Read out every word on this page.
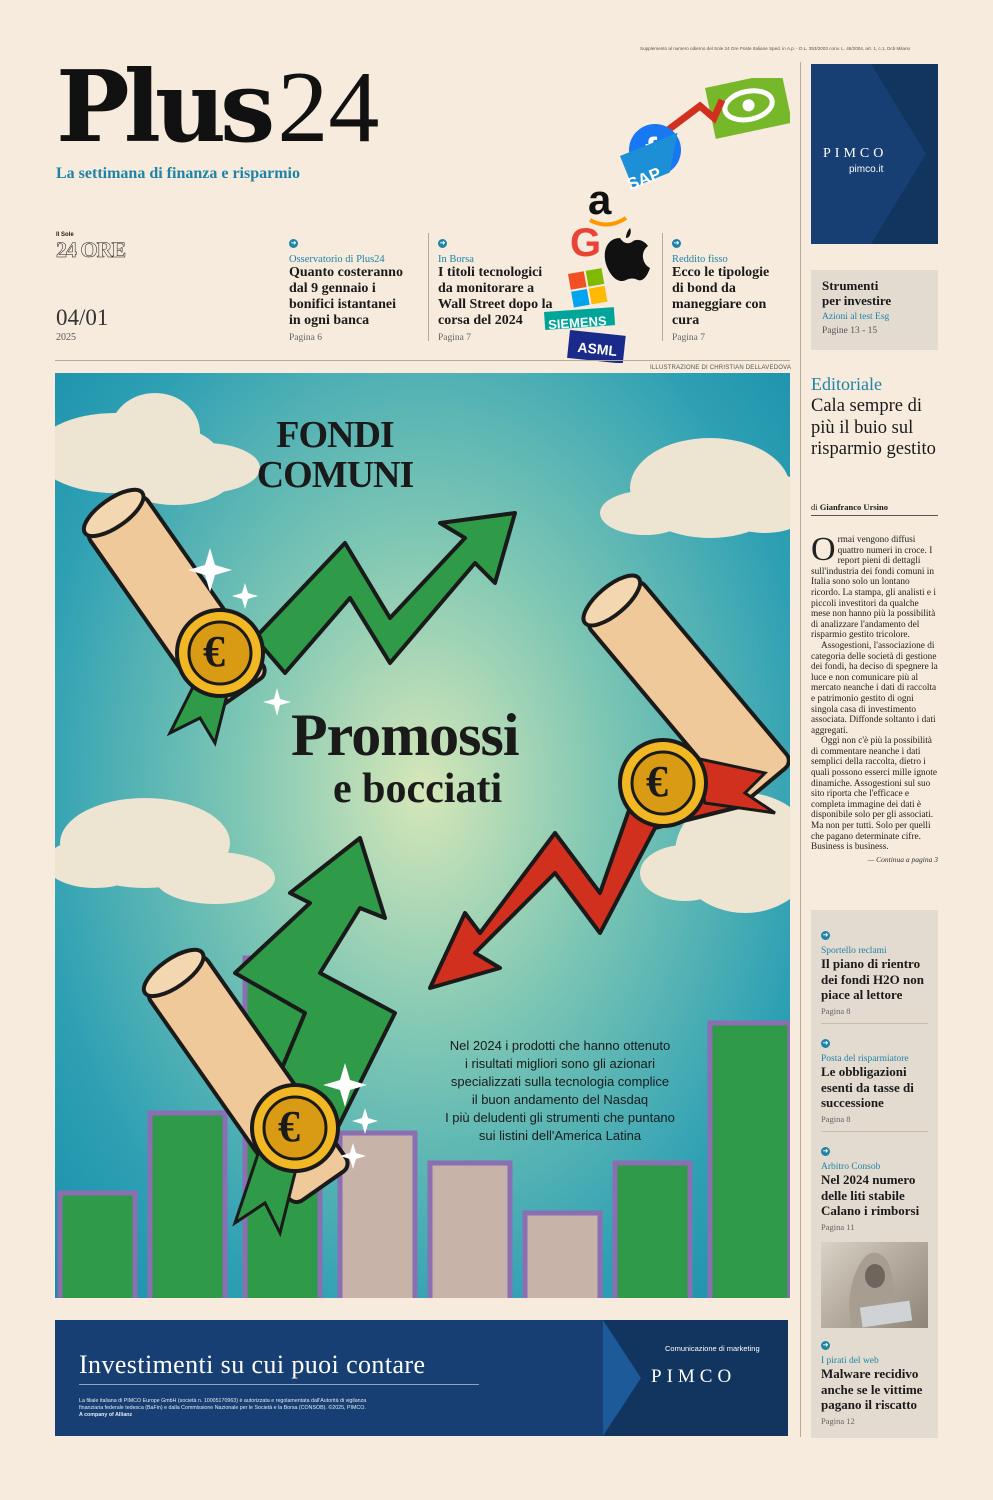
Supplemento al numero odierno del Sole 24 Ore Poste Italiane Sped. in A.p. - D.L. 353/2003 conv. L. 46/2004, art. 1, c.1, Dcb Milano
Plus24
La settimana di finanza e risparmio
Il Sole
24 ORE
04/01
2025
➜
Osservatorio di Plus24
Quanto costeranno dal 9 gennaio i bonifici istantanei in ogni banca
Pagina 6
➜
In Borsa
I titoli tecnologici da monitorare a Wall Street dopo la corsa del 2024
Pagina 7
➜
Reddito fisso
Ecco le tipologie di bond da maneggiare con cura
Pagina 7
SAP
a
G
SIEMENS
ASML
ILLUSTRAZIONE DI CHRISTIAN DELLAVEDOVA
€
€
€
FONDI
COMUNI
Promossi
e bocciati
Nel 2024 i prodotti che hanno ottenuto
i risultati migliori sono gli azionari
specializzati sulla tecnologia complice
il buon andamento del Nasdaq
I più deludenti gli strumenti che puntano
sui listini dell'America Latina
Investimenti su cui puoi contare
La filiale italiana di PIMCO Europe GmbH (società n. 10005170963) è autorizzata e regolamentata dall'Autorità di vigilanza
finanziaria federale tedesca (BaFin) e dalla Commissione Nazionale per le Società e la Borsa (CONSOB). ©2025, PIMCO.
A company of Allianz
Comunicazione di marketing
PIMCO
PIMCO
pimco.it
Strumenti
per investire
Azioni al test Esg
Pagine 13 - 15
Editoriale
Cala sempre di più il buio sul risparmio gestito
di Gianfranco Ursino
O rmai vengono diffusi quattro numeri in croce. I report pieni di dettagli sull'industria dei fondi comuni in Italia sono solo un lontano ricordo. La stampa, gli analisti e i piccoli investitori da qualche mese non hanno più la possibilità di analizzare l'andamento del risparmio gestito tricolore.
Assogestioni, l'associazione di categoria delle società di gestione dei fondi, ha deciso di spegnere la luce e non comunicare più al mercato neanche i dati di raccolta e patrimonio gestito di ogni singola casa di investimento associata. Diffonde soltanto i dati aggregati.
Oggi non c'è più la possibilità di commentare neanche i dati semplici della raccolta, dietro i quali possono esserci mille ignote dinamiche. Assogestioni sul suo sito riporta che l'efficace e completa immagine dei dati è disponibile solo per gli associati. Ma non per tutti. Solo per quelli che pagano determinate cifre. Business is business.
— Continua a pagina 3
➜
Sportello reclami
Il piano di rientro dei fondi H2O non piace al lettore
Pagina 8
➜
Posta del risparmiatore
Le obbligazioni esenti da tasse di successione
Pagina 8
➜
Arbitro Consob
Nel 2024 numero delle liti stabile Calano i rimborsi
Pagina 11
➜
I pirati del web
Malware recidivo anche se le vittime pagano il riscatto
Pagina 12
